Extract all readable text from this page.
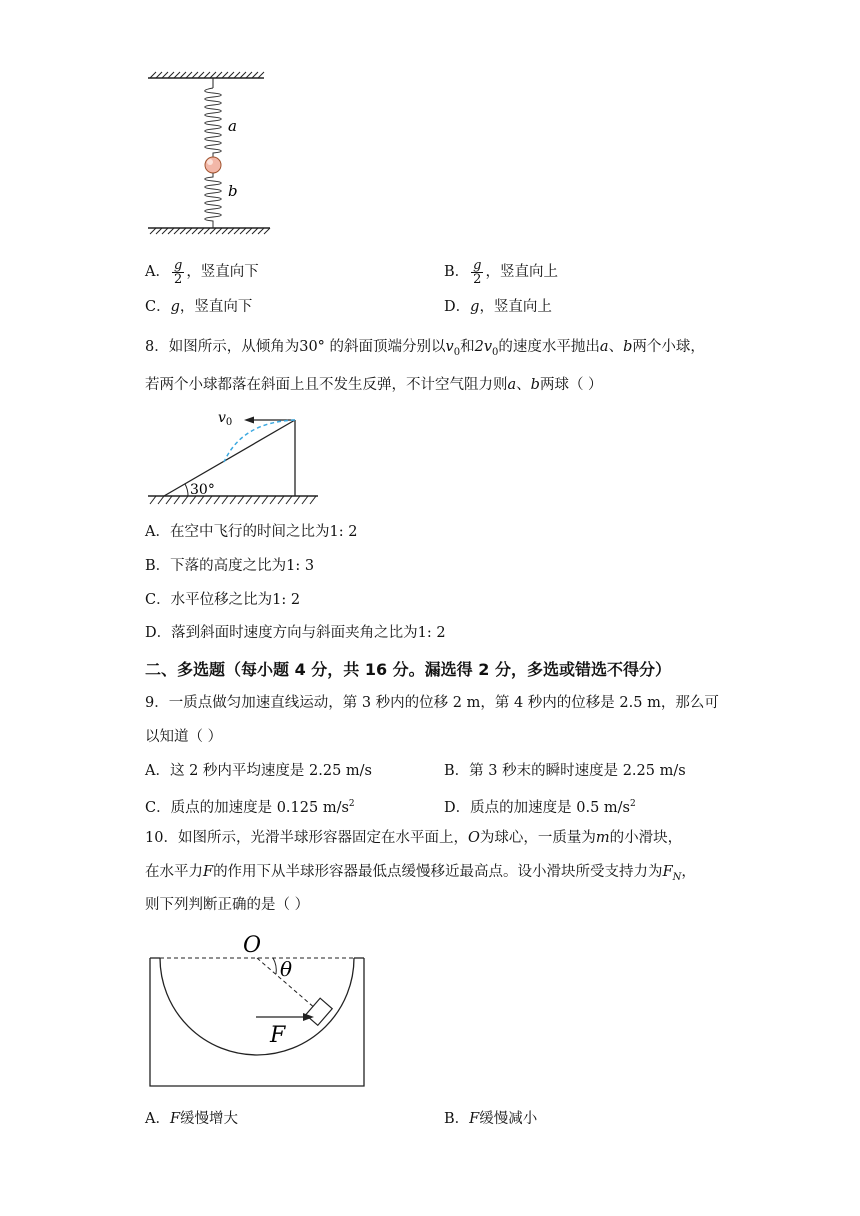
a
b
A． $\frac{g}{2}$ ，竖直向下	B． $\frac{g}{2}$ ，竖直向上
C．g，竖直向下	D．g，竖直向上
8．如图所示，从倾角为30° 的斜面顶端分别以$v_0$和$2v_0$的速度水平抛出a、b两个小球，
若两个小球都落在斜面上且不发生反弹，不计空气阻力则a、b两球（ ）
30°
$v_0$
A．在空中飞行的时间之比为1: 2
B．下落的高度之比为1: 3
C．水平位移之比为1: 2
D．落到斜面时速度方向与斜面夹角之比为1: 2
二、多选题（每小题 4 分，共 16 分。漏选得 2 分，多选或错选不得分）
9．一质点做匀加速直线运动，第 3 秒内的位移 2 m，第 4 秒内的位移是 2.5 m，那么可
以知道（ ）
A．这 2 秒内平均速度是 2.25 m/s	B．第 3 秒末的瞬时速度是 2.25 m/s
C．质点的加速度是 0.125 $m/s^2$	D．质点的加速度是 0.5 $m/s^2$
10．如图所示，光滑半球形容器固定在水平面上，O为球心，一质量为m的小滑块，
在水平力F的作用下从半球形容器最低点缓慢移近最高点。设小滑块所受支持力为$F_N$，
则下列判断正确的是（ ）
O
θ
F
A．F缓慢增大	B．F缓慢减小
